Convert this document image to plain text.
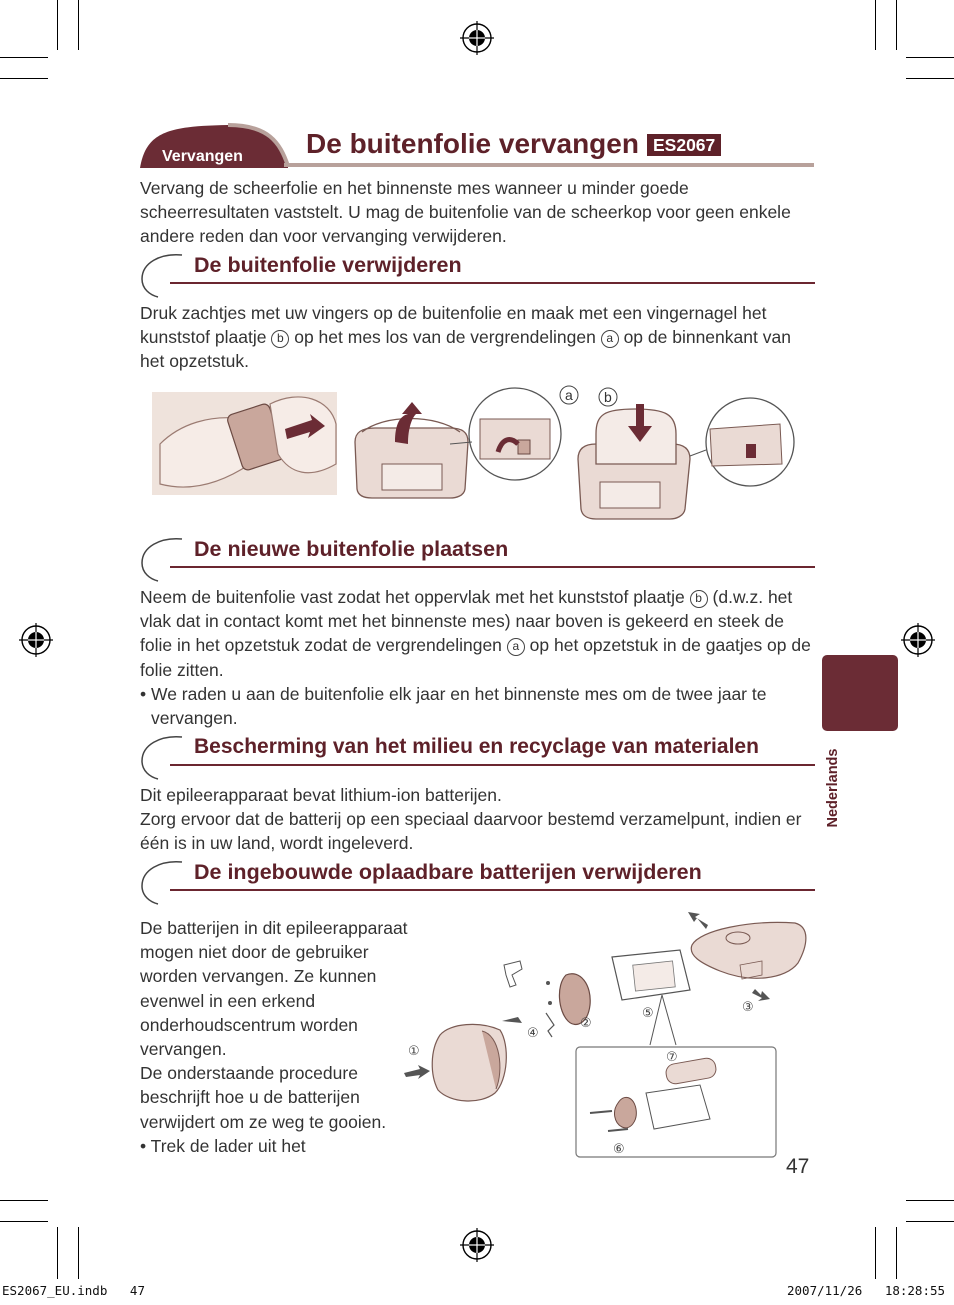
Vervangen De buitenfolie vervangen ES2067
Vervang de scheerfolie en het binnenste mes wanneer u minder goede scheerresultaten vaststelt. U mag de buitenfolie van de scheerkop voor geen enkele andere reden dan voor vervanging verwijderen.
De buitenfolie verwijderen
Druk zachtjes met uw vingers op de buitenfolie en maak met een vingernagel het kunststof plaatje b op het mes los van de vergrendelingen a op de binnenkant van het opzetstuk.
a b
De nieuwe buitenfolie plaatsen
Neem de buitenfolie vast zodat het oppervlak met het kunststof plaatje b (d.w.z. het vlak dat in contact komt met het binnenste mes) naar boven is gekeerd en steek de folie in het opzetstuk zodat de vergrendelingen a op het opzetstuk in de gaatjes op de folie zitten.
• We raden u aan de buitenfolie elk jaar en het binnenste mes om de twee jaar te vervangen.
Bescherming van het milieu en recyclage van materialen
Dit epileerapparaat bevat lithium-ion batterijen.
Zorg ervoor dat de batterij op een speciaal daarvoor bestemd verzamelpunt, indien er één is in uw land, wordt ingeleverd.
De ingebouwde oplaadbare batterijen verwijderen
De batterijen in dit epileerapparaat mogen niet door de gebruiker worden vervangen. Ze kunnen evenwel in een erkend onderhoudscentrum worden vervangen.
De onderstaande procedure beschrijft hoe u de batterijen verwijdert om ze weg te gooien.
• Trek de lader uit het
①
②
③
④
⑤
⑥
⑦
Nederlands
47
ES2067_EU.indb   47	2007/11/26   18:28:55
